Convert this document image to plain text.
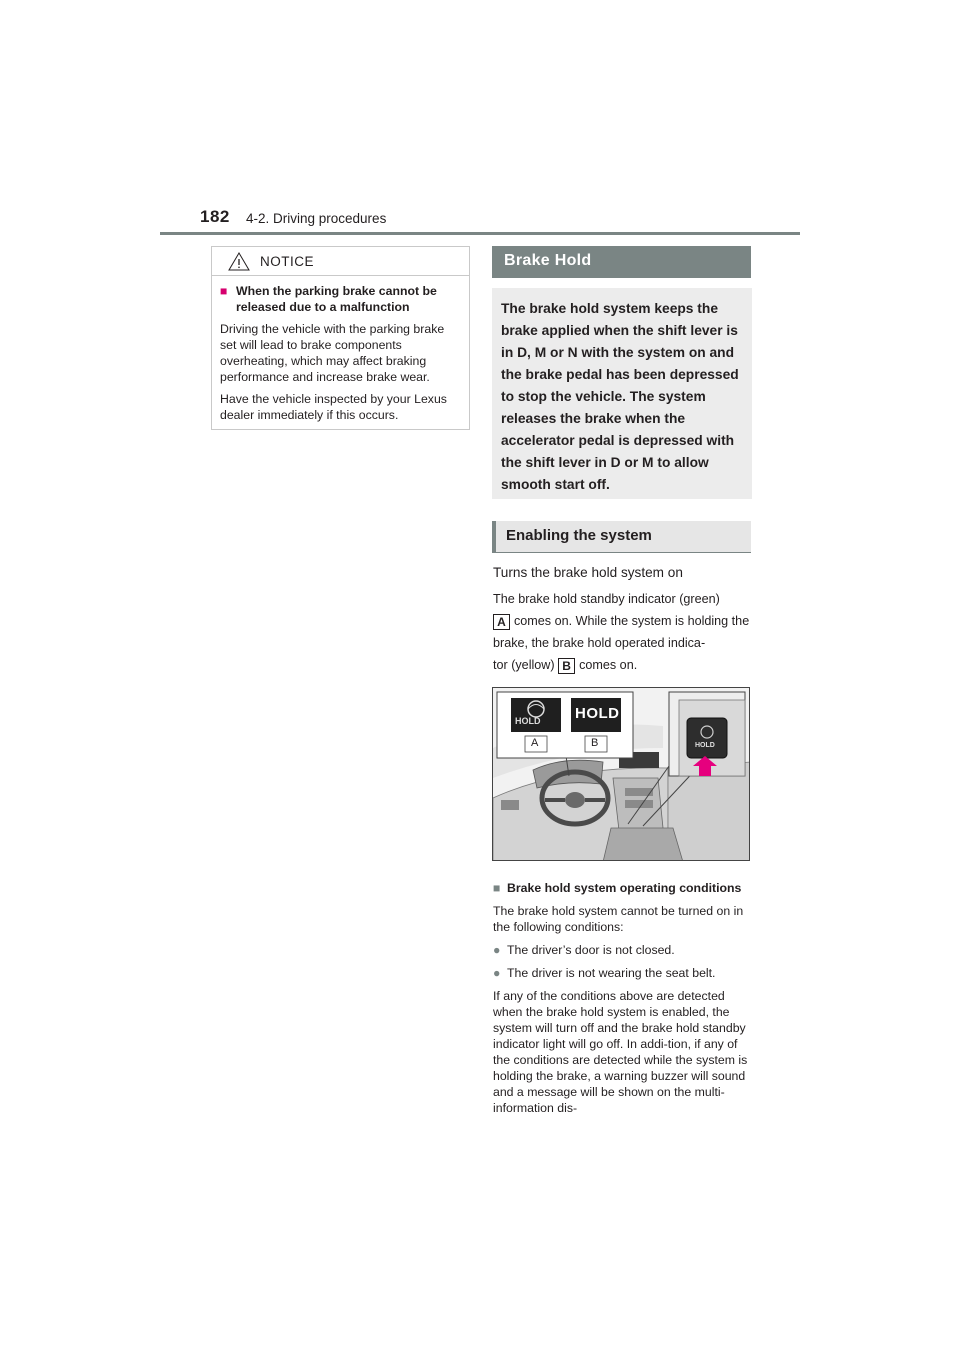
182 4-2. Driving procedures
NOTICE
■ When the parking brake cannot be released due to a malfunction

Driving the vehicle with the parking brake set will lead to brake components overheating, which may affect braking performance and increase brake wear.

Have the vehicle inspected by your Lexus dealer immediately if this occurs.

Brake Hold
The brake hold system keeps the brake applied when the shift lever is in D, M or N with the system on and the brake pedal has been depressed to stop the vehicle. The system releases the brake when the accelerator pedal is depressed with the shift lever in D or M to allow smooth start off.
Enabling the system
Turns the brake hold system on
The brake hold standby indicator (green)
A comes on. While the system is holding the brake, the brake hold operated indica-
tor (yellow) B comes on.
HOLD HOLD
A	B	HOLD
■ Brake hold system operating conditions

The brake hold system cannot be turned on in the following conditions:

● The driver’s door is not closed.
● The driver is not wearing the seat belt.

If any of the conditions above are detected when the brake hold system is enabled, the system will turn off and the brake hold standby indicator light will go off. In addi-tion, if any of the conditions are detected while the system is holding the brake, a warning buzzer will sound and a message will be shown on the multi-information dis-
